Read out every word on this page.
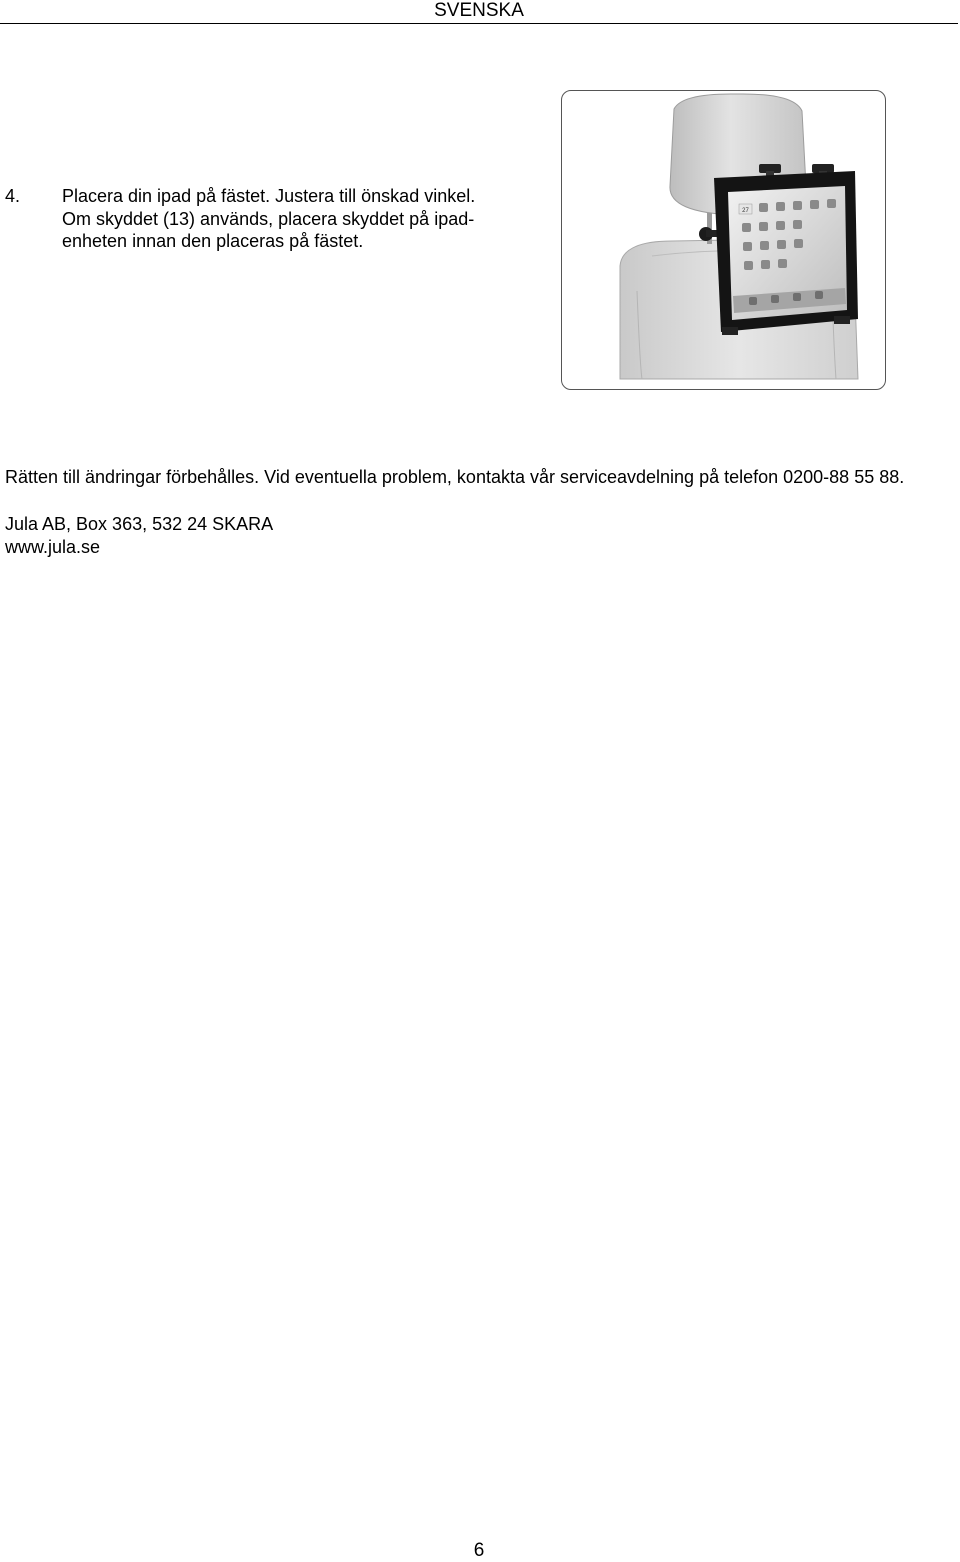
SVENSKA
4. Placera din ipad på fästet. Justera till önskad vinkel. Om skyddet (13) används, placera skyddet på ipad-enheten innan den placeras på fästet.
27
Rätten till ändringar förbehålles. Vid eventuella problem, kontakta vår serviceavdelning på telefon 0200-88 55 88.
Jula AB, Box 363, 532 24 SKARA
www.jula.se
6
